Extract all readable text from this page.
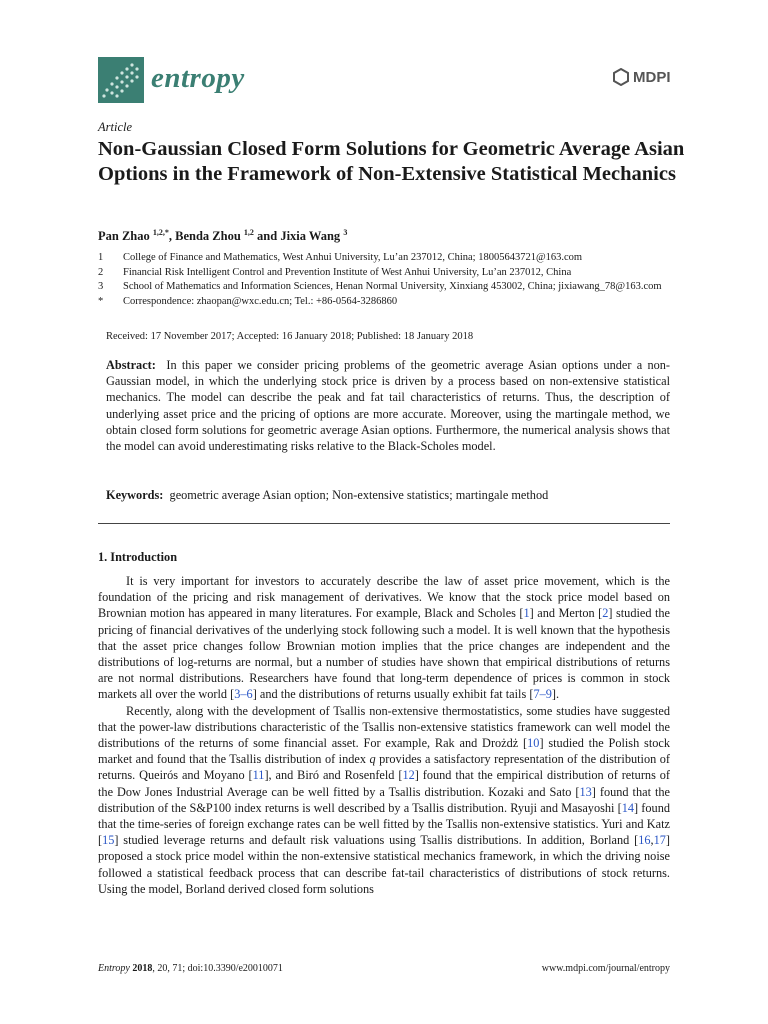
entropy	MDPI
Article
Non-Gaussian Closed Form Solutions for Geometric Average Asian Options in the Framework of Non-Extensive Statistical Mechanics
Pan Zhao $^{1,2,*}$, Benda Zhou $^{1,2}$ and Jixia Wang $^3$
1	College of Finance and Mathematics, West Anhui University, Lu’an 237012, China; 18005643721@163.com
2	Financial Risk Intelligent Control and Prevention Institute of West Anhui University, Lu’an 237012, China
3	School of Mathematics and Information Sciences, Henan Normal University, Xinxiang 453002, China; jixiawang_78@163.com
*	Correspondence: zhaopan@wxc.edu.cn; Tel.: +86-0564-3286860
Received: 17 November 2017; Accepted: 16 January 2018; Published: 18 January 2018

Abstract: In this paper we consider pricing problems of the geometric average Asian options under a non-Gaussian model, in which the underlying stock price is driven by a process based on non-extensive statistical mechanics. The model can describe the peak and fat tail characteristics of returns. Thus, the description of underlying asset price and the pricing of options are more accurate. Moreover, using the martingale method, we obtain closed form solutions for geometric average Asian options. Furthermore, the numerical analysis shows that the model can avoid underestimating risks relative to the Black-Scholes model.

Keywords: geometric average Asian option; Non-extensive statistics; martingale method
1. Introduction

It is very important for investors to accurately describe the law of asset price movement, which is the foundation of the pricing and risk management of derivatives. We know that the stock price model based on Brownian motion has appeared in many literatures. For example, Black and Scholes [1] and Merton [2] studied the pricing of financial derivatives of the underlying stock following such a model. It is well known that the hypothesis that the asset price changes follow Brownian motion implies that the price changes are independent and the distributions of log-returns are normal, but a number of studies have shown that empirical distributions of returns are not normal distributions. Researchers have found that long-term dependence of prices is common in stock markets all over the world [3–6] and the distributions of returns usually exhibit fat tails [7–9].

Recently, along with the development of Tsallis non-extensive thermostatistics, some studies have suggested that the power-law distributions characteristic of the Tsallis non-extensive statistics framework can well model the distributions of the returns of some financial asset. For example, Rak and Drożdż [10] studied the Polish stock market and found that the Tsallis distribution of index q provides a satisfactory representation of the distribution of returns. Queirós and Moyano [11], and Biró and Rosenfeld [12] found that the empirical distribution of returns of the Dow Jones Industrial Average can be well fitted by a Tsallis distribution. Kozaki and Sato [13] found that the distribution of the S&P100 index returns is well described by a Tsallis distribution. Ryuji and Masayoshi [14] found that the time-series of foreign exchange rates can be well fitted by the Tsallis non-extensive statistics. Yuri and Katz [15] studied leverage returns and default risk valuations using Tsallis distributions. In addition, Borland [16,17] proposed a stock price model within the non-extensive statistical mechanics framework, in which the driving noise followed a statistical feedback process that can describe fat-tail characteristics of distributions of stock returns. Using the model, Borland derived closed form solutions

Entropy 2018, 20, 71; doi:10.3390/e20010071	www.mdpi.com/journal/entropy
